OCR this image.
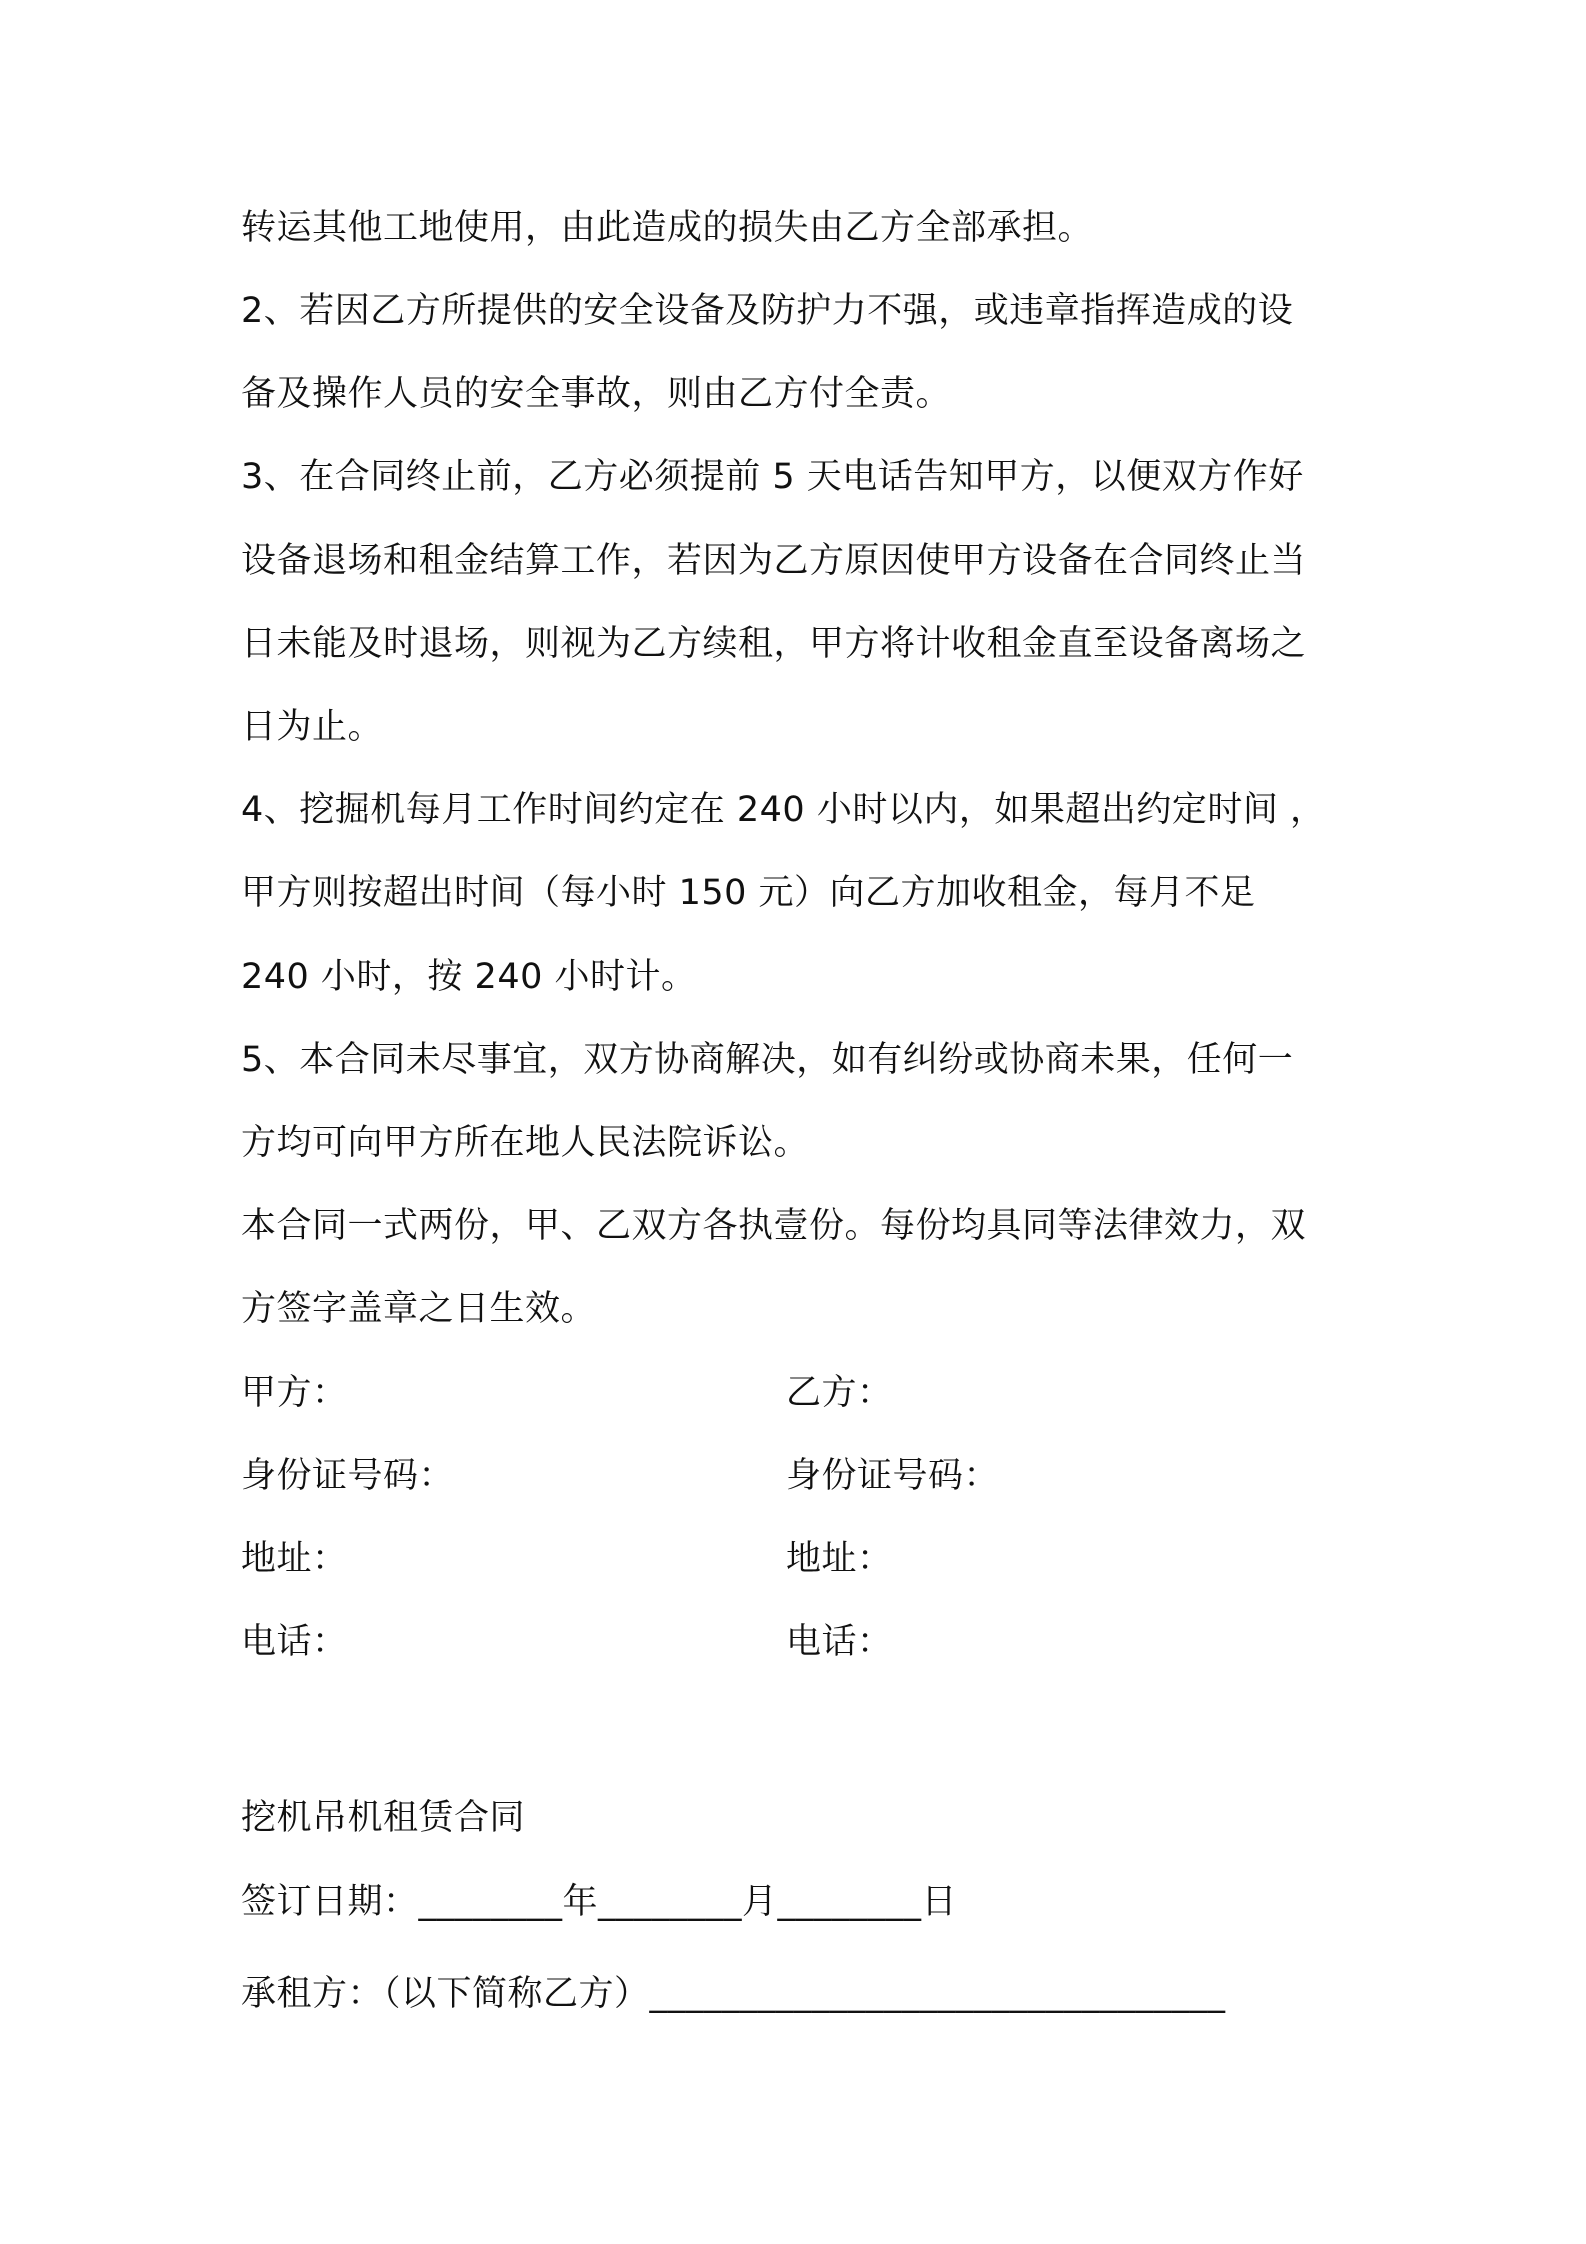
转运其他工地使用，由此造成的损失由乙方全部承担。
2、若因乙方所提供的安全设备及防护力不强，或违章指挥造成的设
备及操作人员的安全事故，则由乙方付全责。
3、在合同终止前，乙方必须提前 5 天电话告知甲方，以便双方作好
设备退场和租金结算工作，若因为乙方原因使甲方设备在合同终止当
日未能及时退场，则视为乙方续租，甲方将计收租金直至设备离场之
日为止。
4、挖掘机每月工作时间约定在 240 小时以内，如果超出约定时间 ，
甲方则按超出时间（每小时 150 元）向乙方加收租金，每月不足
240 小时，按 240 小时计。
5、本合同未尽事宜，双方协商解决，如有纠纷或协商未果，任何一
方均可向甲方所在地人民法院诉讼。
本合同一式两份，甲、乙双方各执壹份。每份均具同等法律效力，双
方签字盖章之日生效。
甲方：	乙方：
身份证号码：	身份证号码：
地址：	地址：
电话：	电话：
挖机吊机租赁合同
签订日期：________年________月________日
承租方：（以下简称乙方）________________________________
